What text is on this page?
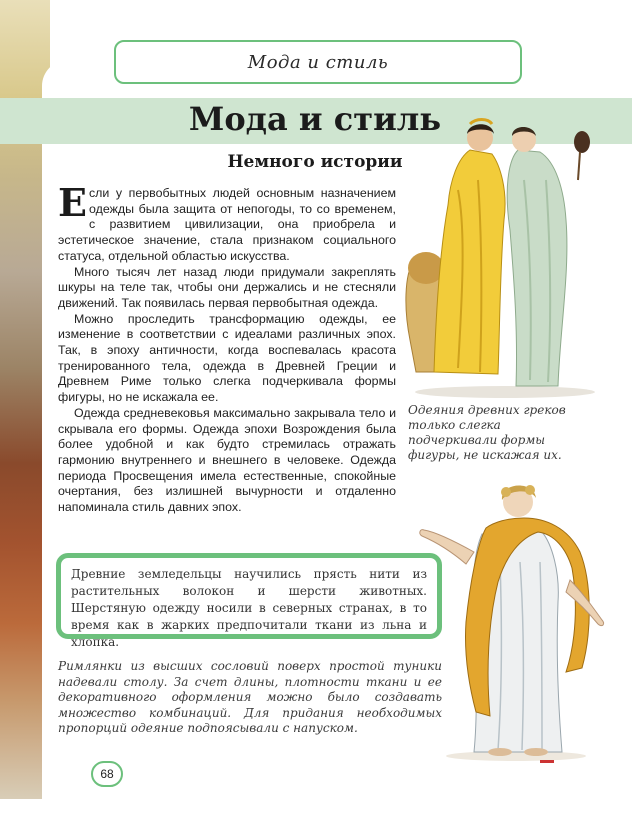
Мода и стиль
Мода и стиль
Немного истории

Если у первобытных людей основным назначением одежды была защита от непогоды, то со временем, с развитием цивилизации, она приобрела и эстетическое значение, стала признаком социального статуса, отдельной областью искусства.

Много тысяч лет назад люди придумали закреплять шкуры на теле так, чтобы они держались и не стесняли движений. Так появилась первая первобытная одежда.

Можно проследить трансформацию одежды, ее изменение в соответствии с идеалами различных эпох. Так, в эпоху античности, когда воспевалась красота тренированного тела, одежда в Древней Греции и Древнем Риме только слегка подчеркивала формы фигуры, но не искажала ее.

Одежда средневековья максимально закрывала тело и скрывала его формы. Одежда эпохи Возрождения была более удобной и как будто стремилась отражать гармонию внутреннего и внешнего в человеке. Одежда периода Просвещения имела естественные, спокойные очертания, без излишней вычурности и отдаленно напоминала стиль давних эпох.

Одеяния древних греков только слегка подчеркивали формы фигуры, не искажая их.
Древние земледельцы научились прясть нити из растительных волокон и шерсти животных. Шерстяную одежду носили в северных странах, в то время как в жарких предпочитали ткани из льна и хлопка.
Римлянки из высших сословий поверх простой туники надевали столу. За счет длины, плотности ткани и ее декоративного оформления можно было создавать множество комбинаций. Для придания необходимых пропорций одеяние подпоясывали с напуском.
68
